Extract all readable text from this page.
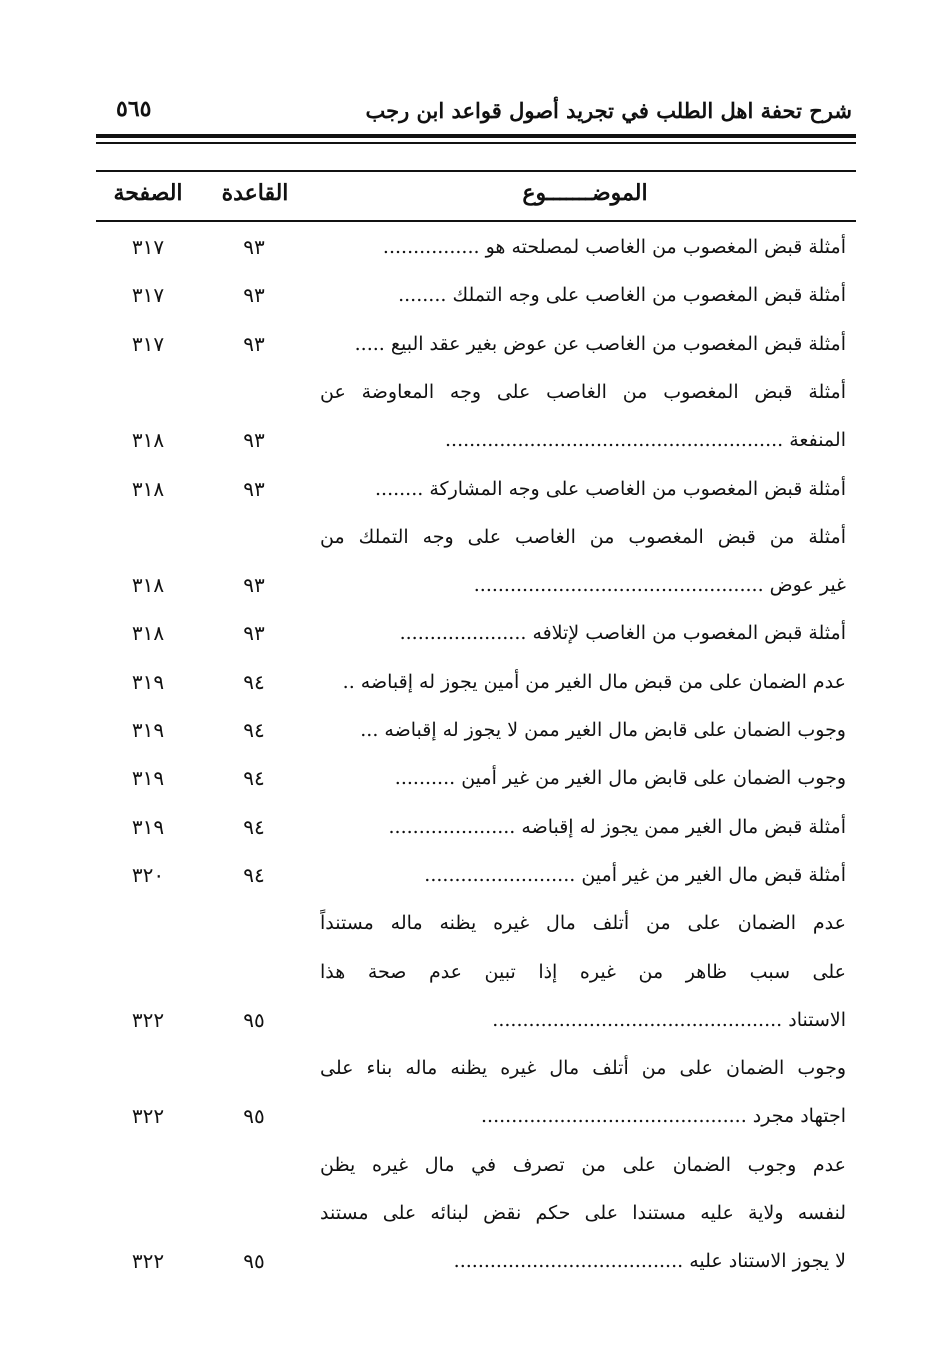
شرح تحفة اهل الطلب في تجريد أصول قواعد ابن رجب
٥٦٥
الموضـــــــوع
القاعدة
الصفحة
أمثلة قبض المغصوب من الغاصب لمصلحته هو ................
٩٣
٣١٧
أمثلة قبض المغصوب من الغاصب على وجه التملك ........
٩٣
٣١٧
أمثلة قبض المغصوب من الغاصب عن عوض بغير عقد البيع .....
٩٣
٣١٧
أمثلة قبض المغصوب من الغاصب على وجه المعاوضة عن
المنفعة ........................................................
٩٣
٣١٨
أمثلة قبض المغصوب من الغاصب على وجه المشاركة ........
٩٣
٣١٨
أمثلة من قبض المغصوب من الغاصب على وجه التملك من
غير عوض ................................................
٩٣
٣١٨
أمثلة قبض المغصوب من الغاصب لإتلافه .....................
٩٣
٣١٨
عدم الضمان على من قبض مال الغير من أمين يجوز له إقباضه ..
٩٤
٣١٩
وجوب الضمان على قابض مال الغير ممن لا يجوز له إقباضه ...
٩٤
٣١٩
وجوب الضمان على قابض مال الغير من غير أمين ..........
٩٤
٣١٩
أمثلة قبض مال الغير ممن يجوز له إقباضه .....................
٩٤
٣١٩
أمثلة قبض مال الغير من غير أمين .........................
٩٤
٣٢٠
عدم الضمان على من أتلف مال غيره يظنه ماله مستنداً
على سبب ظاهر من غيره إذا تبين عدم صحة هذا
الاستناد ................................................
٩٥
٣٢٢
وجوب الضمان على من أتلف مال غيره يظنه ماله بناء على
اجتهاد مجرد ............................................
٩٥
٣٢٢
عدم وجوب الضمان على من تصرف في مال غيره يظن
لنفسه ولاية عليه مستندا على حكم نقض لبنائه على مستند
لا يجوز الاستناد عليه ......................................
٩٥
٣٢٢
